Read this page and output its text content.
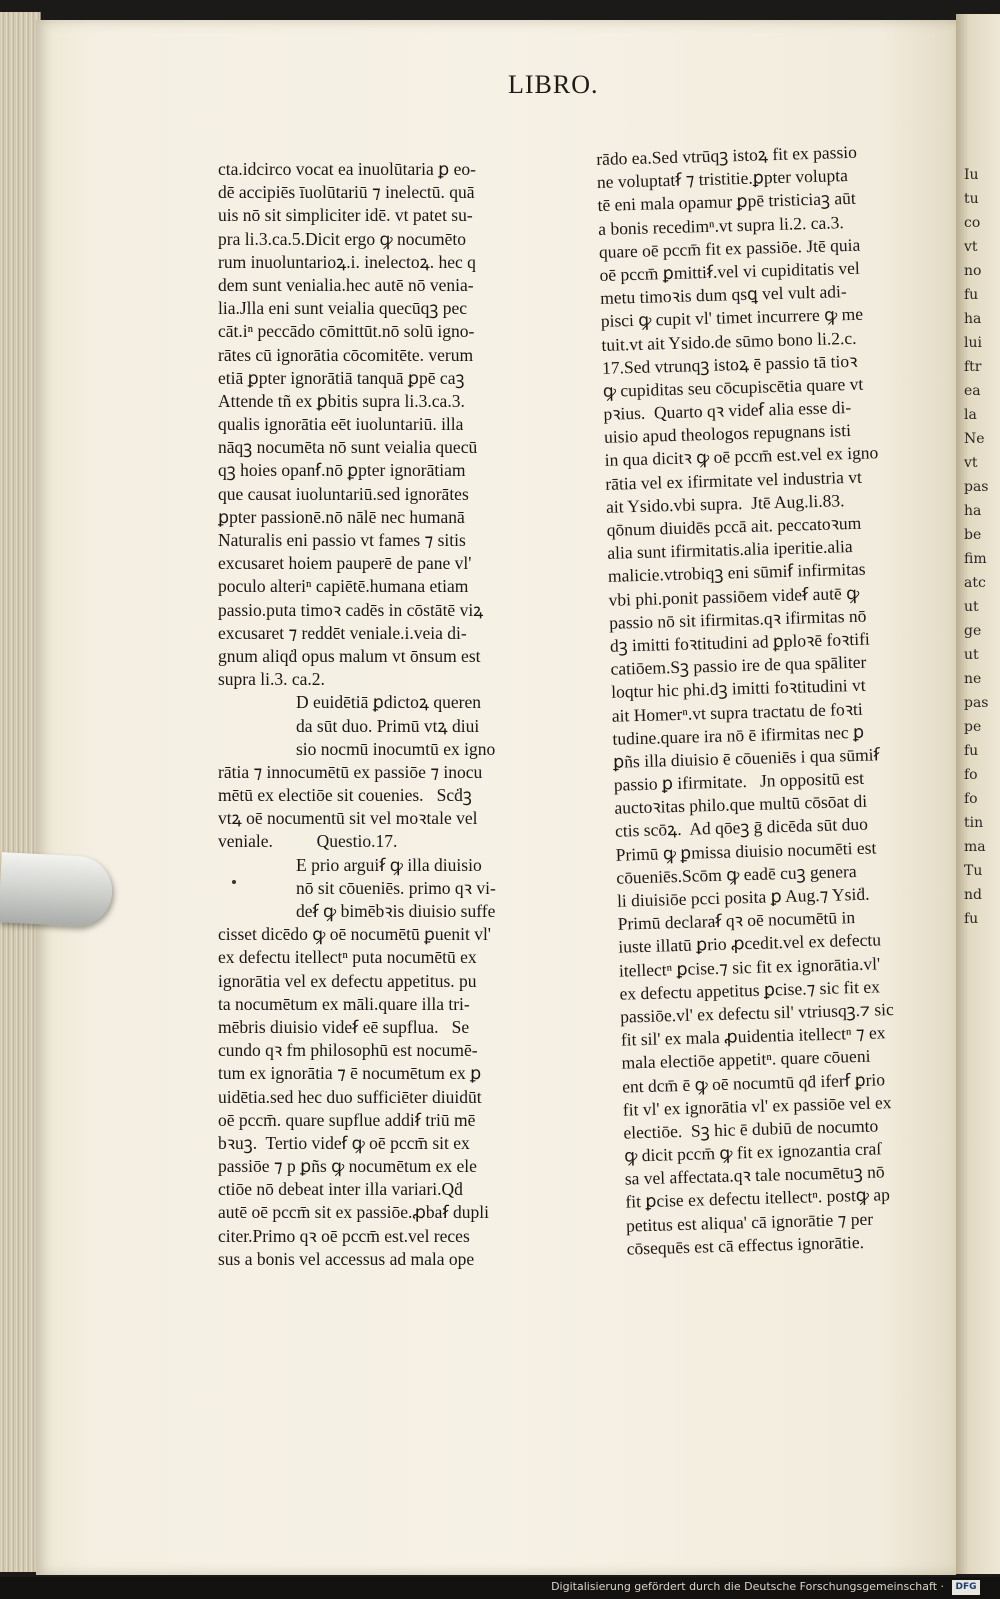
Iu
tu
co
vt
no
fu
ha
lui
ftr
ea
la
Ne
vt
pas
ha
be
fim
atc
ut
ge
ut
ne
pas
pe
fu
fo
fo
tin
ma
Tu
nd
fu
LIBRO.
cta.idcirco vocat ea inuolūtaria ꝑ eo-
dē accipiēs īuolūtariū ⁊ inelectū. quā
uis nō sit simpliciter idē. vt patet su-
pra li.3.ca.5.Dicit ergo ꝙ nocumēto
rum inuoluntarioꝝ.i. inelectoꝝ. hec q
dem sunt venialia.hec autē nō venia-
lia.Jlla eni sunt veialia quecūqꝫ pec
cāt.iⁿ peccādo cōmittūt.nō solū igno-
rātes cū ignorātia cōcomitēte. verum
etiā ꝑpter ignorātiā tanquā ꝑpē caꝫ
Attende tñ ex ꝑbitis supra li.3.ca.3.
qualis ignorātia eēt iuoluntariū. illa
nāqꝫ nocumēta nō sunt veialia quecū
qꝫ hoies opanẜ.nō ꝑpter ignorātiam
que causat iuoluntariū.sed ignorātes
ꝑpter passionē.nō nālē nec humanā
Naturalis eni passio vt fames ⁊ sitis
excusaret hoiem pauperē de pane vl'
poculo alteriⁿ capiētē.humana etiam
passio.puta timoꝛ cadēs in cōstātē viꝝ
excusaret ⁊ reddēt veniale.i.veia di-
gnum aliqḋ opus malum vt ōnsum est
supra li.3. ca.2.
D euidētiā ꝑdictoꝝ queren
da sūt duo. Primū vtꝝ diui
sio nocmū inocumtū ex igno
rātia ⁊ innocumētū ex passiōe ⁊ inocu
mētū ex electiōe sit couenies.   Scḋꝫ
vtꝝ oē nocumentū sit vel moꝛtale vel
veniale.          Questio.17.
E prio arguiẜ ꝙ illa diuisio
nō sit cōueniēs. primo qꝛ vi-
deẜ ꝙ bimēbꝛis diuisio suffe
cisset dicēdo ꝙ oē nocumētū ꝑuenit vl'
ex defectu itellectⁿ puta nocumētū ex
ignorātia vel ex defectu appetitus. pu
ta nocumētum ex māli.quare illa tri-
mēbris diuisio videẜ eē supflua.   Se
cundo qꝛ fm philosophū est nocumē-
tum ex ignorātia ⁊ ē nocumētum ex ꝑ
uidētia.sed hec duo sufficiēter diuidūt
oē pccm̄. quare supflue addiẜ triū mē
bꝛuꝫ.  Tertio videẜ ꝙ oē pccm̄ sit ex
passiōe ⁊ p ꝑñs ꝙ nocumētum ex ele
ctiōe nō debeat inter illa variari.Qḋ
autē oē pccm̄ sit ex passiōe.ꝓbaẜ dupli
citer.Primo qꝛ oē pccm̄ est.vel reces
sus a bonis vel accessus ad mala ope
rādo ea.Sed vtrūqꝫ istoꝝ fit ex passio
ne voluptatẜ ⁊ tristitie.ꝑpter volupta
tē eni mala opamur ꝑpē tristiciaꝫ aūt
a bonis recedimⁿ.vt supra li.2. ca.3.
quare oē pccm̄ fit ex passiōe. Jtē quia
oē pccm̄ ꝑmittiẜ.vel vi cupiditatis vel
metu timoꝛis dum qsꝗ vel vult adi-
pisci ꝙ cupit vl' timet incurrere ꝙ me
tuit.vt ait Ysido.de sūmo bono li.2.c.
17.Sed vtrunqꝫ istoꝝ ē passio tā tioꝛ
ꝙ cupiditas seu cōcupiscētia quare vt
pꝛius.  Quarto qꝛ videẜ alia esse di-
uisio apud theologos repugnans isti
in qua dicitꝛ ꝙ oē pccm̄ est.vel ex igno
rātia vel ex ifirmitate vel industria vt
ait Ysido.vbi supra.  Jtē Aug.li.83.
qōnum diuidēs pccā ait. peccatoꝛum
alia sunt ifirmitatis.alia iperitie.alia
malicie.vtrobiqꝫ eni sūmiẜ infirmitas
vbi phi.ponit passiōem videẜ autē ꝙ
passio nō sit ifirmitas.qꝛ ifirmitas nō
dꝫ imitti foꝛtitudini ad ꝑploꝛē foꝛtifi
catiōem.Sꝫ passio ire de qua spāliter
loqtur hic phi.dꝫ imitti foꝛtitudini vt
ait Homerⁿ.vt supra tractatu de foꝛti
tudine.quare ira nō ē ifirmitas nec ꝑ
ꝑñs illa diuisio ē cōueniēs i qua sūmiẜ
passio ꝑ ifirmitate.   Jn oppositū est
auctoꝛitas philo.que multū cōsōat di
ctis scōꝝ.  Ad qōeꝫ ḡ dicēda sūt duo
Primū ꝙ ꝑmissa diuisio nocumēti est
cōueniēs.Scōm ꝙ eadē cuꝫ genera
li diuisiōe pcci posita ꝑ Aug.⁊ Ysiḋ.
Primū declaraẜ qꝛ oē nocumētū in
iuste illatū ꝑrio ꝓcedit.vel ex defectu
itellectⁿ ꝑcise.⁊ sic fit ex ignorātia.vl'
ex defectu appetitus ꝑcise.⁊ sic fit ex
passiōe.vl' ex defectu sil' vtriusqꝫ.⁊ sic
fit sil' ex mala ꝓuidentia itellectⁿ ⁊ ex
mala electiōe appetitⁿ. quare cōueni
ent dcm̄ ē ꝙ oē nocumtū qḋ iferẜ ꝑrio
fit vl' ex ignorātia vl' ex passiōe vel ex
electiōe.  Sꝫ hic ē dubiū de nocumto
ꝙ dicit pccm̄ ꝙ fit ex ignozantia craſ
sa vel affectata.qꝛ tale nocumētuꝫ nō
fit ꝑcise ex defectu itellectⁿ. postꝙ ap
petitus est aliqua' cā ignorātie ⁊ per
cōsequēs est cā effectus ignorātie.
Digitalisierung gefördert durch die Deutsche Forschungsgemeinschaft ·	DFG
